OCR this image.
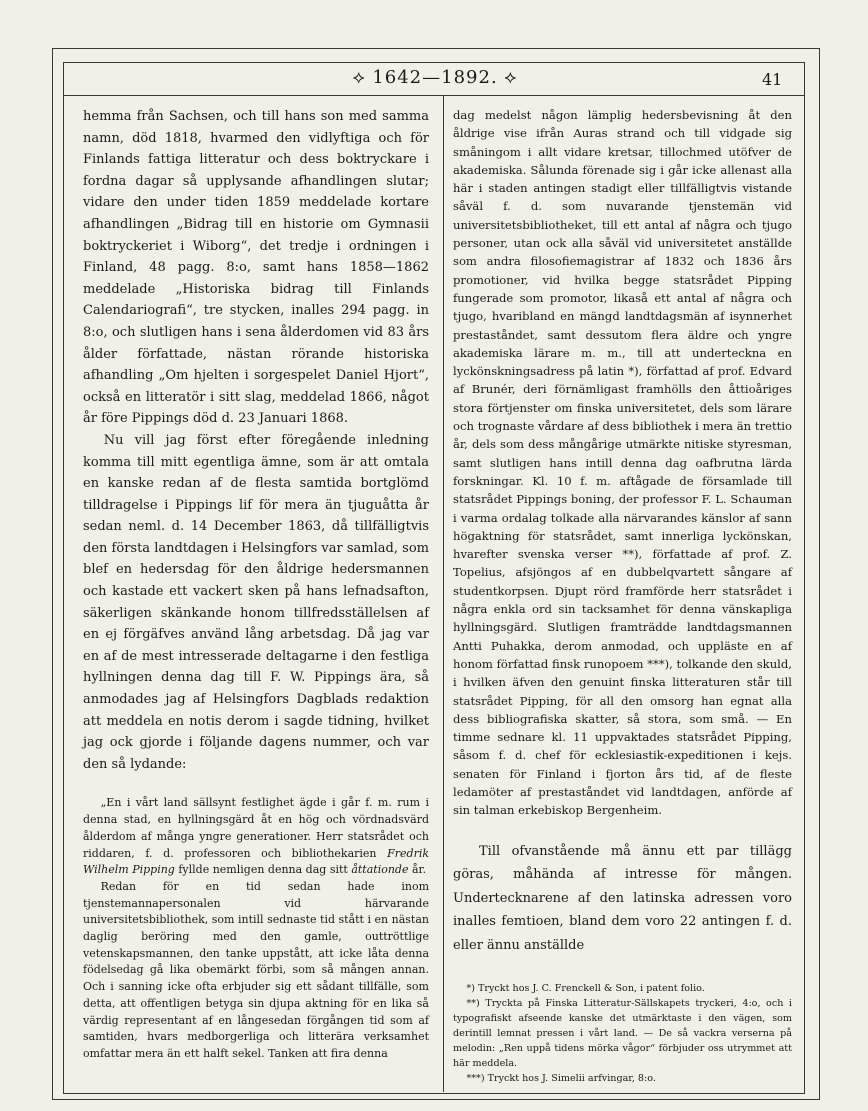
⟡ 1642—1892. ⟡	41

hemma från Sachsen, och till hans son med samma namn, död 1818, hvarmed den vidlyftiga och för Finlands fattiga litteratur och dess boktryckare i fordna dagar så upplysande afhandlingen slutar; vidare den under tiden 1859 meddelade kortare afhandlingen „Bidrag till en historie om Gymnasii boktryckeriet i Wiborg“, det tredje i ordningen i Finland, 48 pagg. 8:o, samt hans 1858—1862 meddelade „Historiska bidrag till Finlands Calendariografi“, tre stycken, inalles 294 pagg. in 8:o, och slutligen hans i sena ålderdomen vid 83 års ålder författade, nästan rörande historiska afhandling „Om hjelten i sorgespelet Daniel Hjort“, också en litteratör i sitt slag, meddelad 1866, något år före Pippings död d. 23 Januari 1868.

Nu vill jag först efter föregående inledning komma till mitt egentliga ämne, som är att omtala en kanske redan af de flesta samtida bortglömd tilldragelse i Pippings lif för mera än tjuguåtta år sedan neml. d. 14 December 1863, då tillfälligtvis den första landtdagen i Helsingfors var samlad, som blef en hedersdag för den åldrige hedersmannen och kastade ett vackert sken på hans lefnadsafton, säkerligen skänkande honom tillfredsställelsen af en ej förgäfves använd lång arbetsdag. Då jag var en af de mest intresserade deltagarne i den festliga hyllningen denna dag till F. W. Pippings ära, så anmodades jag af Helsingfors Dagblads redaktion att meddela en notis derom i sagde tidning, hvilket jag ock gjorde i följande dagens nummer, och var den så lydande:

„En i vårt land sällsynt festlighet ägde i går f. m. rum i denna stad, en hyllningsgärd åt en hög och vördnadsvärd ålderdom af många yngre generationer. Herr statsrådet och riddaren, f. d. professoren och bibliothekarien Fredrik Wilhelm Pipping fyllde nemligen denna dag sitt åttationde år.

Redan för en tid sedan hade inom tjenstemannapersonalen vid härvarande universitetsbibliothek, som intill sednaste tid stått i en nästan daglig beröring med den gamle, outtröttlige vetenskapsmannen, den tanke uppstått, att icke låta denna födelsedag gå lika obemärkt förbi, som så mången annan. Och i sanning icke ofta erbjuder sig ett sådant tillfälle, som detta, att offentligen betyga sin djupa aktning för en lika så värdig representant af en långesedan förgången tid som af samtiden, hvars medborgerliga och litterära verksamhet omfattar mera än ett halft sekel. Tanken att fira denna

dag medelst någon lämplig hedersbevisning åt den åldrige vise ifrån Auras strand och till vidgade sig småningom i allt vidare kretsar, tillochmed utöfver de akademiska. Sålunda förenade sig i går icke allenast alla här i staden antingen stadigt eller tillfälligtvis vistande såväl f. d. som nuvarande tjenstemän vid universitetsbibliotheket, till ett antal af några och tjugo personer, utan ock alla såväl vid universitetet anställde som andra filosofiemagistrar af 1832 och 1836 års promotioner, vid hvilka begge statsrådet Pipping fungerade som promotor, likaså ett antal af några och tjugo, hvaribland en mängd landtdagsmän af isynnerhet prestaståndet, samt dessutom flera äldre och yngre akademiska lärare m. m., till att underteckna en lyckönskningsadress på latin *), författad af prof. Edvard af Brunér, deri förnämligast framhölls den åttioåriges stora förtjenster om finska universitetet, dels som lärare och trognaste vårdare af dess bibliothek i mera än trettio år, dels som dess mångårige utmärkte nitiske styresman, samt slutligen hans intill denna dag oafbrutna lärda forskningar. Kl. 10 f. m. aftågade de församlade till statsrådet Pippings boning, der professor F. L. Schauman i varma ordalag tolkade alla närvarandes känslor af sann högaktning för statsrådet, samt innerliga lyckönskan, hvarefter svenska verser **), författade af prof. Z. Topelius, afsjöngos af en dubbelqvartett sångare af studentkorpsen. Djupt rörd framförde herr statsrådet i några enkla ord sin tacksamhet för denna vänskapliga hyllningsgärd. Slutligen framträdde landtdagsmannen Antti Puhakka, derom anmodad, och uppläste en af honom författad finsk runopoem ***), tolkande den skuld, i hvilken äfven den genuint finska litteraturen står till statsrådet Pipping, för all den omsorg han egnat alla dess bibliografiska skatter, så stora, som små. — En timme sednare kl. 11 uppvaktades statsrådet Pipping, såsom f. d. chef för ecklesiastik-expeditionen i kejs. senaten för Finland i fjorton års tid, af de fleste ledamöter af prestaståndet vid landtdagen, anförde af sin talman erkebiskop Bergenheim.

Till ofvanstående må ännu ett par tillägg göras, måhända af intresse för mången. Undertecknarene af den latinska adressen voro inalles femtioen, bland dem voro 22 antingen f. d. eller ännu anställde

*) Tryckt hos J. C. Frenckell & Son, i patent folio.

**) Tryckta på Finska Litteratur-Sällskapets tryckeri, 4:o, och i typografiskt afseende kanske det utmärktaste i den vägen, som derintill lemnat pressen i vårt land. — De så vackra verserna på melodin: „Ren uppå tidens mörka vågor“ förbjuder oss utrymmet att här meddela.

***) Tryckt hos J. Simelii arfvingar, 8:o.
